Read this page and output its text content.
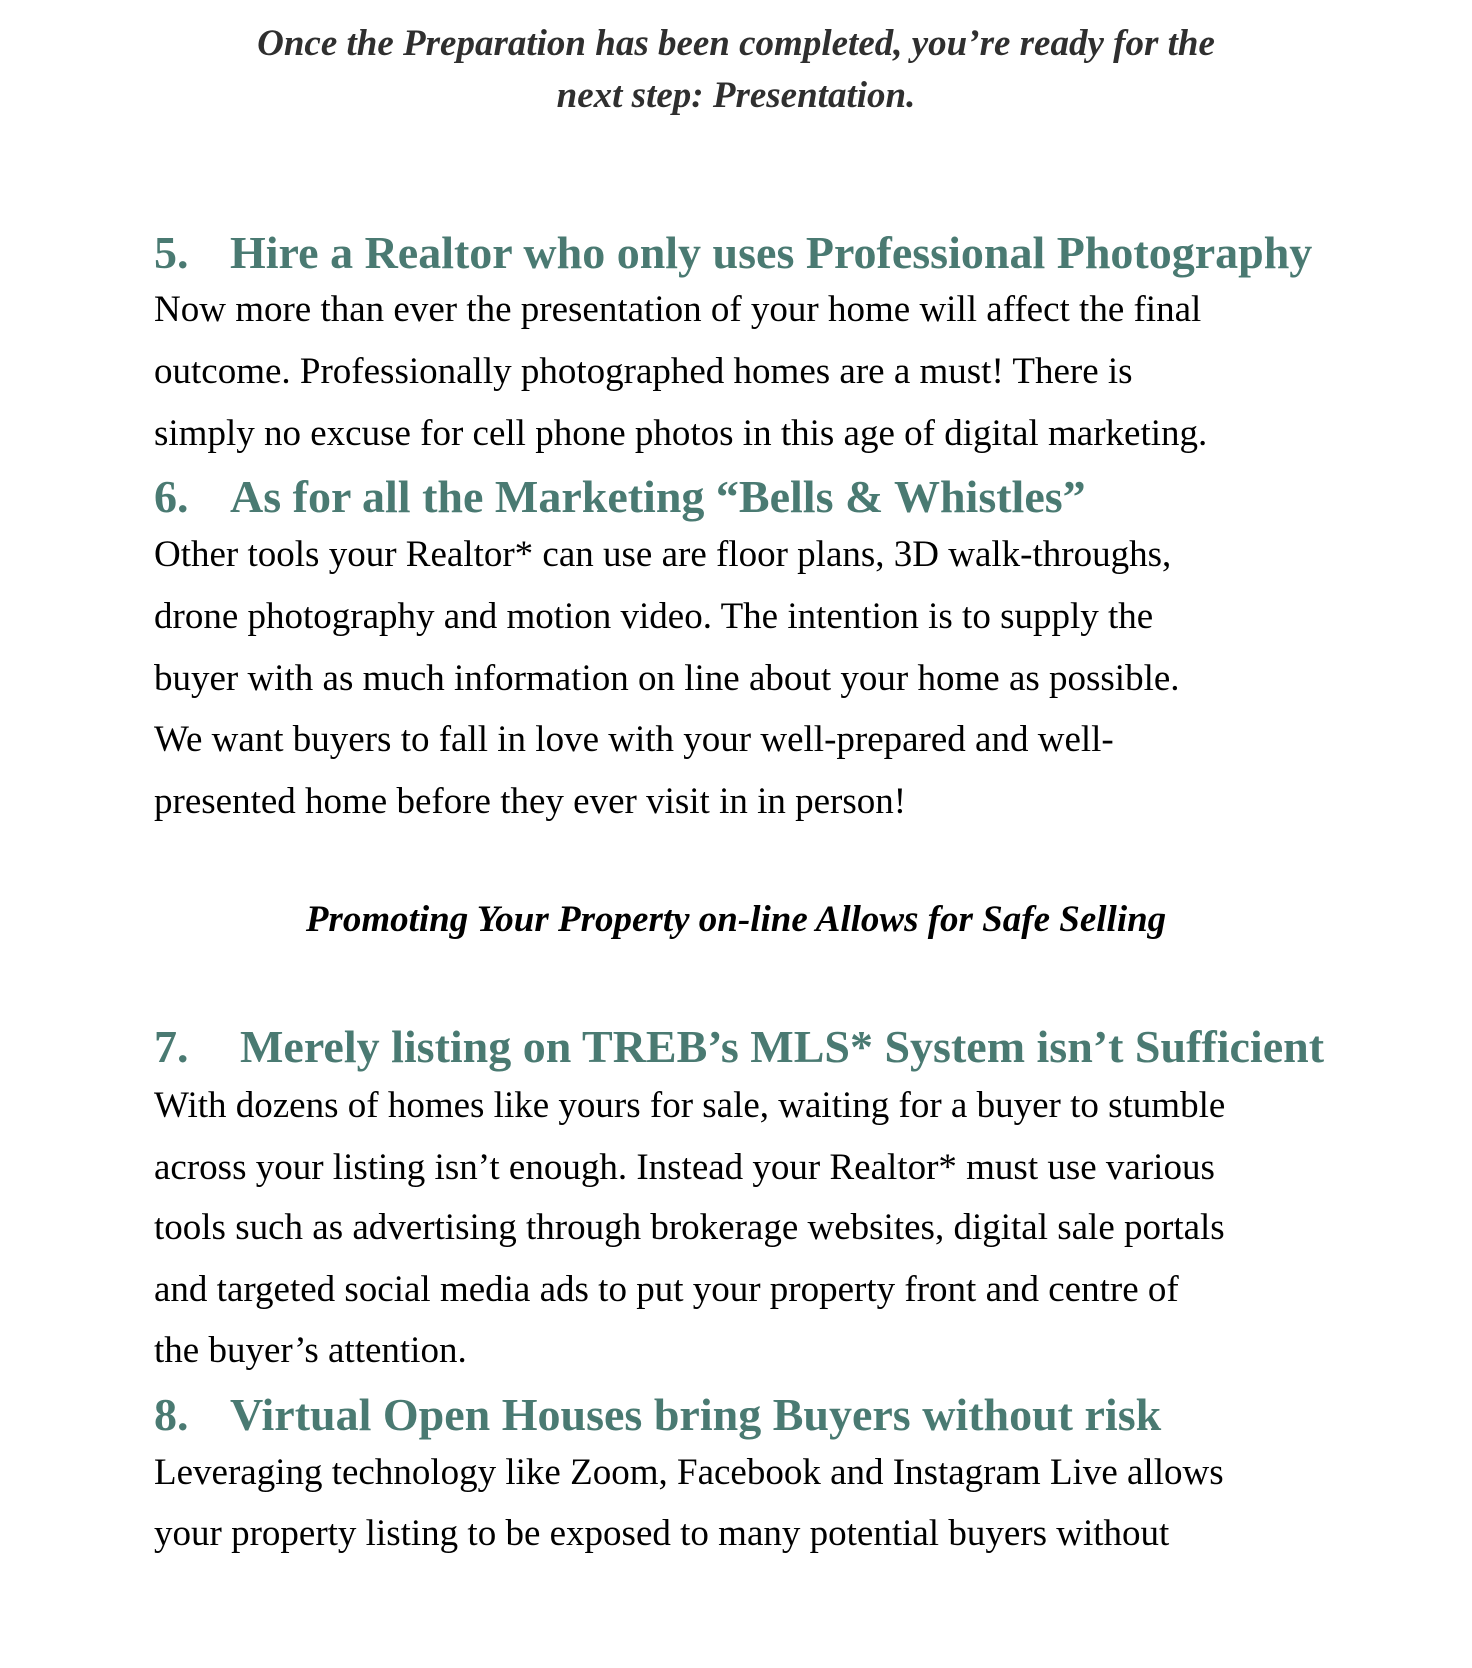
Once the Preparation has been completed, you’re ready for the

next step: Presentation.

5. Hire a Realtor who only uses Professional Photography

Now more than ever the presentation of your home will affect the final

outcome. Professionally photographed homes are a must! There is

simply no excuse for cell phone photos in this age of digital marketing.

6. As for all the Marketing “Bells & Whistles”

Other tools your Realtor* can use are floor plans, 3D walk-throughs,

drone photography and motion video. The intention is to supply the

buyer with as much information on line about your home as possible.

We want buyers to fall in love with your well-prepared and well-

presented home before they ever visit in in person!

Promoting Your Property on-line Allows for Safe Selling
7. Merely listing on TREB’s MLS* System isn’t Sufficient

With dozens of homes like yours for sale, waiting for a buyer to stumble

across your listing isn’t enough. Instead your Realtor* must use various

tools such as advertising through brokerage websites, digital sale portals

and targeted social media ads to put your property front and centre of

the buyer’s attention.

8. Virtual Open Houses bring Buyers without risk

Leveraging technology like Zoom, Facebook and Instagram Live allows

your property listing to be exposed to many potential buyers without
